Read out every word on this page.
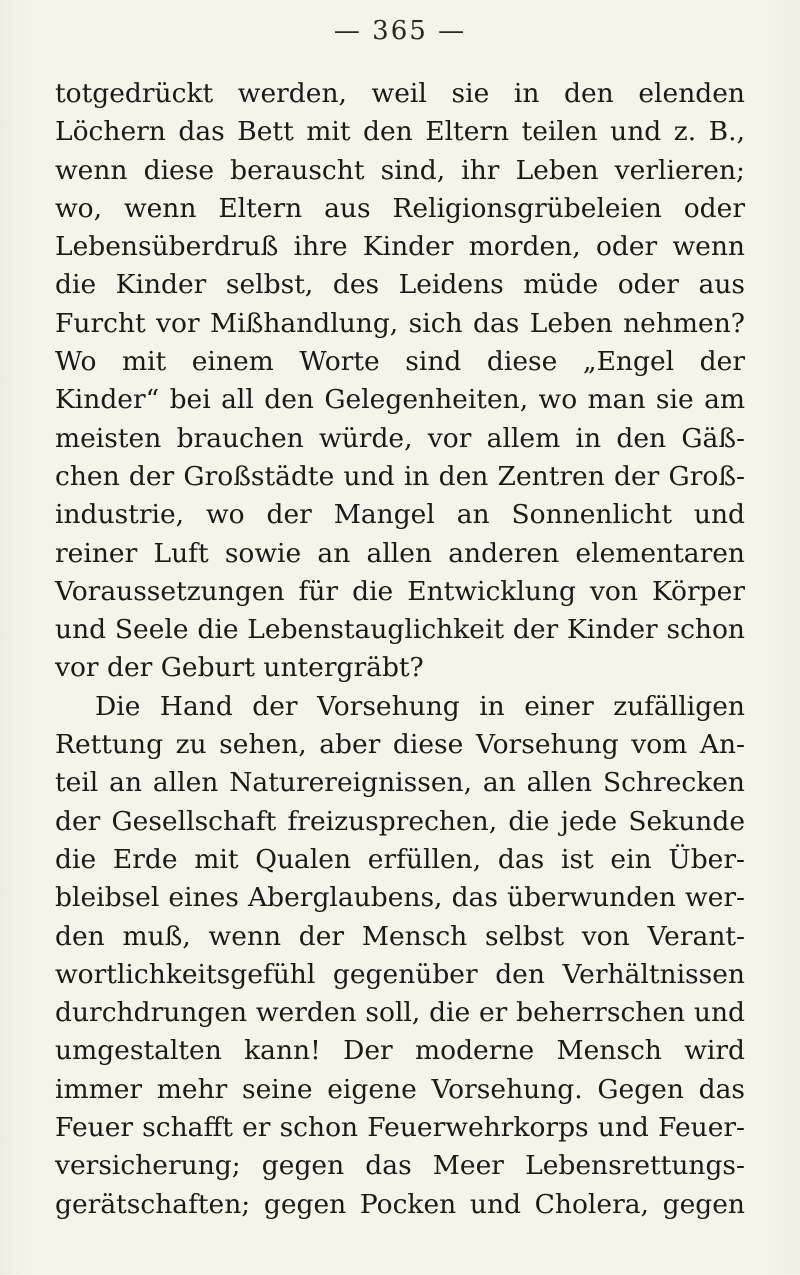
— 365 —
totgedrückt werden, weil sie in den elenden
Löchern das Bett mit den Eltern teilen und z. B.,
wenn diese berauscht sind, ihr Leben verlieren;
wo, wenn Eltern aus Religionsgrübeleien oder
Lebensüberdruß ihre Kinder morden, oder wenn
die Kinder selbst, des Leidens müde oder aus
Furcht vor Mißhandlung, sich das Leben nehmen?
Wo mit einem Worte sind diese „Engel der
Kinder“ bei all den Gelegenheiten, wo man sie am
meisten brauchen würde, vor allem in den Gäß-
chen der Großstädte und in den Zentren der Groß-
industrie, wo der Mangel an Sonnenlicht und
reiner Luft sowie an allen anderen elementaren
Voraussetzungen für die Entwicklung von Körper
und Seele die Lebenstauglichkeit der Kinder schon
vor der Geburt untergräbt?
Die Hand der Vorsehung in einer zufälligen
Rettung zu sehen, aber diese Vorsehung vom An-
teil an allen Naturereignissen, an allen Schrecken
der Gesellschaft freizusprechen, die jede Sekunde
die Erde mit Qualen erfüllen, das ist ein Über-
bleibsel eines Aberglaubens, das überwunden wer-
den muß, wenn der Mensch selbst von Verant-
wortlichkeitsgefühl gegenüber den Verhältnissen
durchdrungen werden soll, die er beherrschen und
umgestalten kann! Der moderne Mensch wird
immer mehr seine eigene Vorsehung. Gegen das
Feuer schafft er schon Feuerwehrkorps und Feuer-
versicherung; gegen das Meer Lebensrettungs-
gerätschaften; gegen Pocken und Cholera, gegen
